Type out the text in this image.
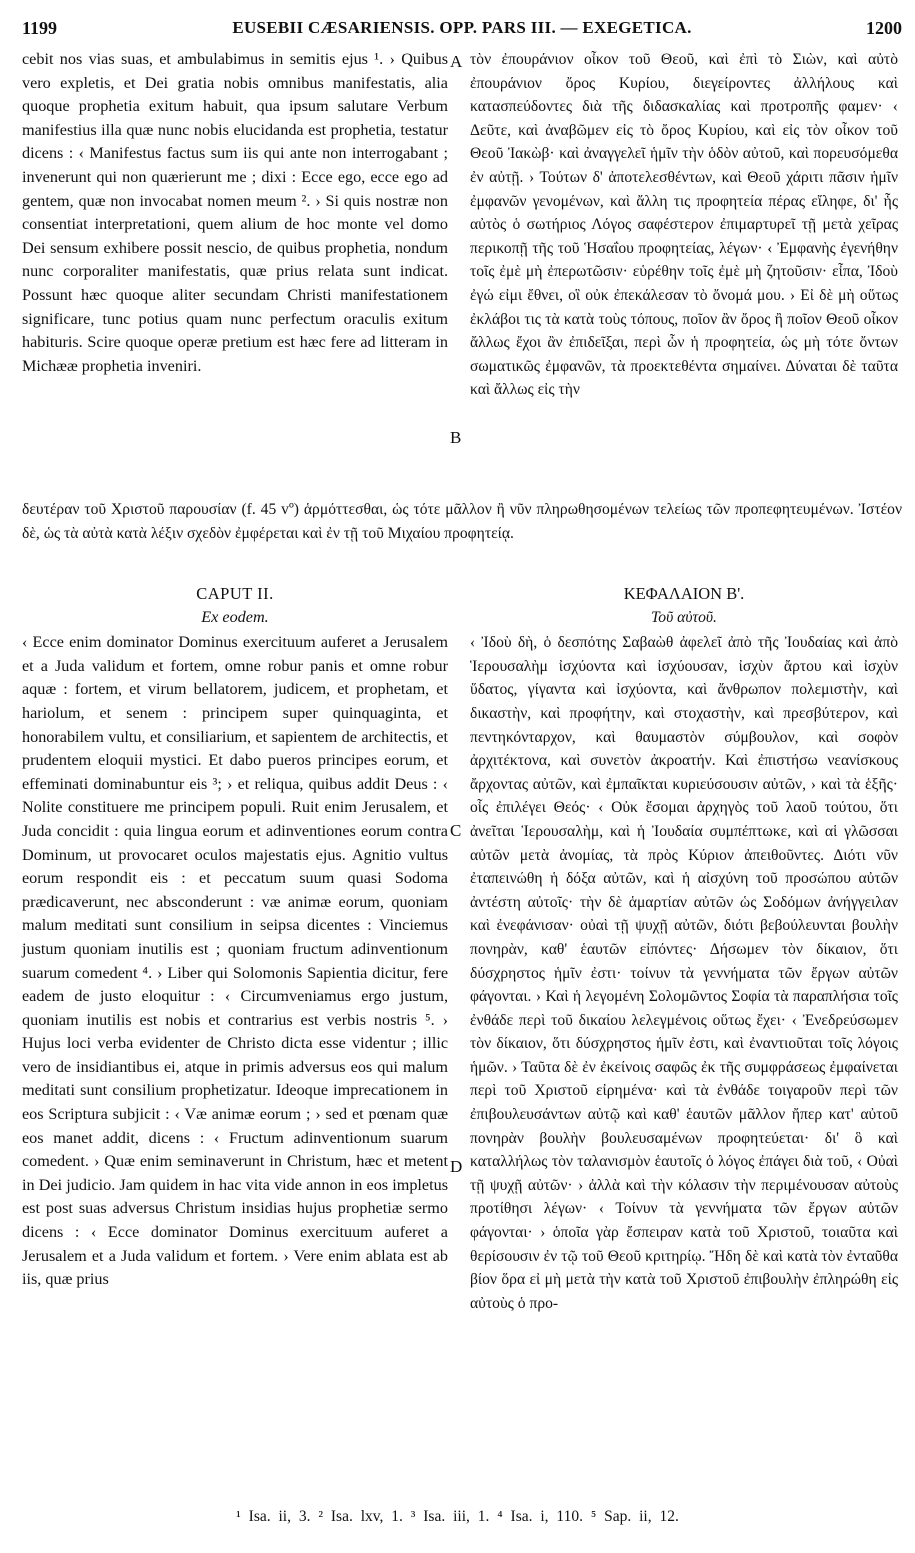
1199	EUSEBII CÆSARIENSIS. OPP. PARS III. — EXEGETICA.	1200

cebit nos vias suas, et ambulabimus in semitis ejus ¹. › Quibus vero expletis, et Dei gratia nobis omnibus manifestatis, alia quoque prophetia exitum habuit, qua ipsum salutare Verbum manifestius illa quæ nunc nobis elucidanda est prophetia, testatur dicens : ‹ Manifestus factus sum iis qui ante non interrogabant ; invenerunt qui non quærierunt me ; dixi : Ecce ego, ecce ego ad gentem, quæ non invocabat nomen meum ². › Si quis nostræ non consentiat interpretationi, quem alium de hoc monte vel domo Dei sensum exhibere possit nescio, de quibus prophetia, nondum nunc corporaliter manifestatis, quæ prius relata sunt indicat. Possunt hæc quoque aliter secundam Christi manifestationem significare, tunc potius quam nunc perfectum oraculis exitum habituris. Scire quoque operæ pretium est hæc fere ad litteram in Michææ prophetia inveniri.

τὸν ἐπουράνιον οἶκον τοῦ Θεοῦ, καὶ ἐπὶ τὸ Σιὼν, καὶ αὐτὸ ἐπουράνιον ὄρος Κυρίου, διεγείροντες ἀλλήλους καὶ κατασπεύδοντες διὰ τῆς διδασκαλίας καὶ προτροπῆς φαμεν· ‹ Δεῦτε, καὶ ἀναβῶμεν εἰς τὸ ὄρος Κυρίου, καὶ εἰς τὸν οἶκον τοῦ Θεοῦ Ἰακὼβ· καὶ ἀναγγελεῖ ἡμῖν τὴν ὁδὸν αὐτοῦ, καὶ πορευσόμεθα ἐν αὐτῇ. › Τούτων δ' ἀποτελεσθέντων, καὶ Θεοῦ χάριτι πᾶσιν ἡμῖν ἐμφανῶν γενομένων, καὶ ἄλλη τις προφητεία πέρας εἴληφε, δι' ἧς αὐτὸς ὁ σωτήριος Λόγος σαφέστερον ἐπιμαρτυρεῖ τῇ μετὰ χεῖρας περικοπῇ τῆς τοῦ Ἡσαΐου προφητείας, λέγων· ‹ Ἐμφανὴς ἐγενήθην τοῖς ἐμὲ μὴ ἐπερωτῶσιν· εὑρέθην τοῖς ἐμὲ μὴ ζητοῦσιν· εἶπα, Ἰδοὺ ἐγώ εἰμι ἔθνει, οἳ οὐκ ἐπεκάλεσαν τὸ ὄνομά μου. › Εἰ δὲ μὴ οὕτως ἐκλάβοι τις τὰ κατὰ τοὺς τόπους, ποῖον ἂν ὄρος ἢ ποῖον Θεοῦ οἶκον ἄλλως ἔχοι ἂν ἐπιδεῖξαι, περὶ ὧν ἡ προφητεία, ὡς μὴ τότε ὄντων σωματικῶς ἐμφανῶν, τὰ προεκτεθέντα σημαίνει. Δύναται δὲ ταῦτα καὶ ἄλλως εἰς τὴν

A
B
C
D

δευτέραν τοῦ Χριστοῦ παρουσίαν (f. 45 vº) ἁρμόττεσθαι, ὡς τότε μᾶλλον ἢ νῦν πληρωθησομένων τελείως τῶν προπεφητευμένων. Ἰστέον δὲ, ὡς τὰ αὐτὰ κατὰ λέξιν σχεδὸν ἐμφέρεται καὶ ἐν τῇ τοῦ Μιχαίου προφητείᾳ.

CAPUT II.

Ex eodem.

‹ Ecce enim dominator Dominus exercituum auferet a Jerusalem et a Juda validum et fortem, omne robur panis et omne robur aquæ : fortem, et virum bellatorem, judicem, et prophetam, et hariolum, et senem : principem super quinquaginta, et honorabilem vultu, et consiliarium, et sapientem de architectis, et prudentem eloquii mystici. Et dabo pueros principes eorum, et effeminati dominabuntur eis ³; › et reliqua, quibus addit Deus : ‹ Nolite constituere me principem populi. Ruit enim Jerusalem, et Juda concidit : quia lingua eorum et adinventiones eorum contra Dominum, ut provocaret oculos majestatis ejus. Agnitio vultus eorum respondit eis : et peccatum suum quasi Sodoma prædicaverunt, nec absconderunt : væ animæ eorum, quoniam malum meditati sunt consilium in seipsa dicentes : Vinciemus justum quoniam inutilis est ; quoniam fructum adinventionum suarum comedent ⁴. › Liber qui Solomonis Sapientia dicitur, fere eadem de justo eloquitur : ‹ Circumveniamus ergo justum, quoniam inutilis est nobis et contrarius est verbis nostris ⁵. › Hujus loci verba evidenter de Christo dicta esse videntur ; illic vero de insidiantibus ei, atque in primis adversus eos qui malum meditati sunt consilium prophetizatur. Ideoque imprecationem in eos Scriptura subjicit : ‹ Væ animæ eorum ; › sed et pœnam quæ eos manet addit, dicens : ‹ Fructum adinventionum suarum comedent. › Quæ enim seminaverunt in Christum, hæc et metent in Dei judicio. Jam quidem in hac vita vide annon in eos impletus est post suas adversus Christum insidias hujus prophetiæ sermo dicens : ‹ Ecce dominator Dominus exercituum auferet a Jerusalem et a Juda validum et fortem. › Vere enim ablata est ab iis, quæ prius

ΚΕΦΑΛΑΙΟΝ Β'.

Τοῦ αὐτοῦ.

‹ Ἰδοὺ δὴ, ὁ δεσπότης Σαβαὼθ ἀφελεῖ ἀπὸ τῆς Ἰουδαίας καὶ ἀπὸ Ἱερουσαλὴμ ἰσχύοντα καὶ ἰσχύουσαν, ἰσχὺν ἄρτου καὶ ἰσχὺν ὕδατος, γίγαντα καὶ ἰσχύοντα, καὶ ἄνθρωπον πολεμιστὴν, καὶ δικαστὴν, καὶ προφήτην, καὶ στοχαστὴν, καὶ πρεσβύτερον, καὶ πεντηκόνταρχον, καὶ θαυμαστὸν σύμβουλον, καὶ σοφὸν ἀρχιτέκτονα, καὶ συνετὸν ἀκροατήν. Καὶ ἐπιστήσω νεανίσκους ἄρχοντας αὐτῶν, καὶ ἐμπαῖκται κυριεύσουσιν αὐτῶν, › καὶ τὰ ἑξῆς· οἷς ἐπιλέγει Θεός· ‹ Οὐκ ἔσομαι ἀρχηγὸς τοῦ λαοῦ τούτου, ὅτι ἀνεῖται Ἱερουσαλὴμ, καὶ ἡ Ἰουδαία συμπέπτωκε, καὶ αἱ γλῶσσαι αὐτῶν μετὰ ἀνομίας, τὰ πρὸς Κύριον ἀπειθοῦντες. Διότι νῦν ἐταπεινώθη ἡ δόξα αὐτῶν, καὶ ἡ αἰσχύνη τοῦ προσώπου αὐτῶν ἀντέστη αὐτοῖς· τὴν δὲ ἁμαρτίαν αὐτῶν ὡς Σοδόμων ἀνήγγειλαν καὶ ἐνεφάνισαν· οὐαὶ τῇ ψυχῇ αὐτῶν, διότι βεβούλευνται βουλὴν πονηρὰν, καθ' ἑαυτῶν εἰπόντες· Δήσωμεν τὸν δίκαιον, ὅτι δύσχρηστος ἡμῖν ἐστι· τοίνυν τὰ γεννήματα τῶν ἔργων αὐτῶν φάγονται. › Καὶ ἡ λεγομένη Σολομῶντος Σοφία τὰ παραπλήσια τοῖς ἐνθάδε περὶ τοῦ δικαίου λελεγμένοις οὕτως ἔχει· ‹ Ἐνεδρεύσωμεν τὸν δίκαιον, ὅτι δύσχρηστος ἡμῖν ἐστι, καὶ ἐναντιοῦται τοῖς λόγοις ἡμῶν. › Ταῦτα δὲ ἐν ἐκείνοις σαφῶς ἐκ τῆς συμφράσεως ἐμφαίνεται περὶ τοῦ Χριστοῦ εἰρημένα· καὶ τὰ ἐνθάδε τοιγαροῦν περὶ τῶν ἐπιβουλευσάντων αὐτῷ καὶ καθ' ἑαυτῶν μᾶλλον ἤπερ κατ' αὐτοῦ πονηρὰν βουλὴν βουλευσαμένων προφητεύεται· δι' ὃ καὶ καταλλήλως τὸν ταλανισμὸν ἑαυτοῖς ὁ λόγος ἐπάγει διὰ τοῦ, ‹ Οὐαὶ τῇ ψυχῇ αὐτῶν· › ἀλλὰ καὶ τὴν κόλασιν τὴν περιμένουσαν αὐτοὺς προτίθησι λέγων· ‹ Τοίνυν τὰ γεννήματα τῶν ἔργων αὐτῶν φάγονται· › ὁποῖα γὰρ ἔσπειραν κατὰ τοῦ Χριστοῦ, τοιαῦτα καὶ θερίσουσιν ἐν τῷ τοῦ Θεοῦ κριτηρίῳ. Ἤδη δὲ καὶ κατὰ τὸν ἐνταῦθα βίον ὅρα εἰ μὴ μετὰ τὴν κατὰ τοῦ Χριστοῦ ἐπιβουλὴν ἐπληρώθη εἰς αὐτοὺς ὁ προ-

¹ Isa. ii, 3. ² Isa. lxv, 1. ³ Isa. iii, 1. ⁴ Isa. i, 110. ⁵ Sap. ii, 12.
